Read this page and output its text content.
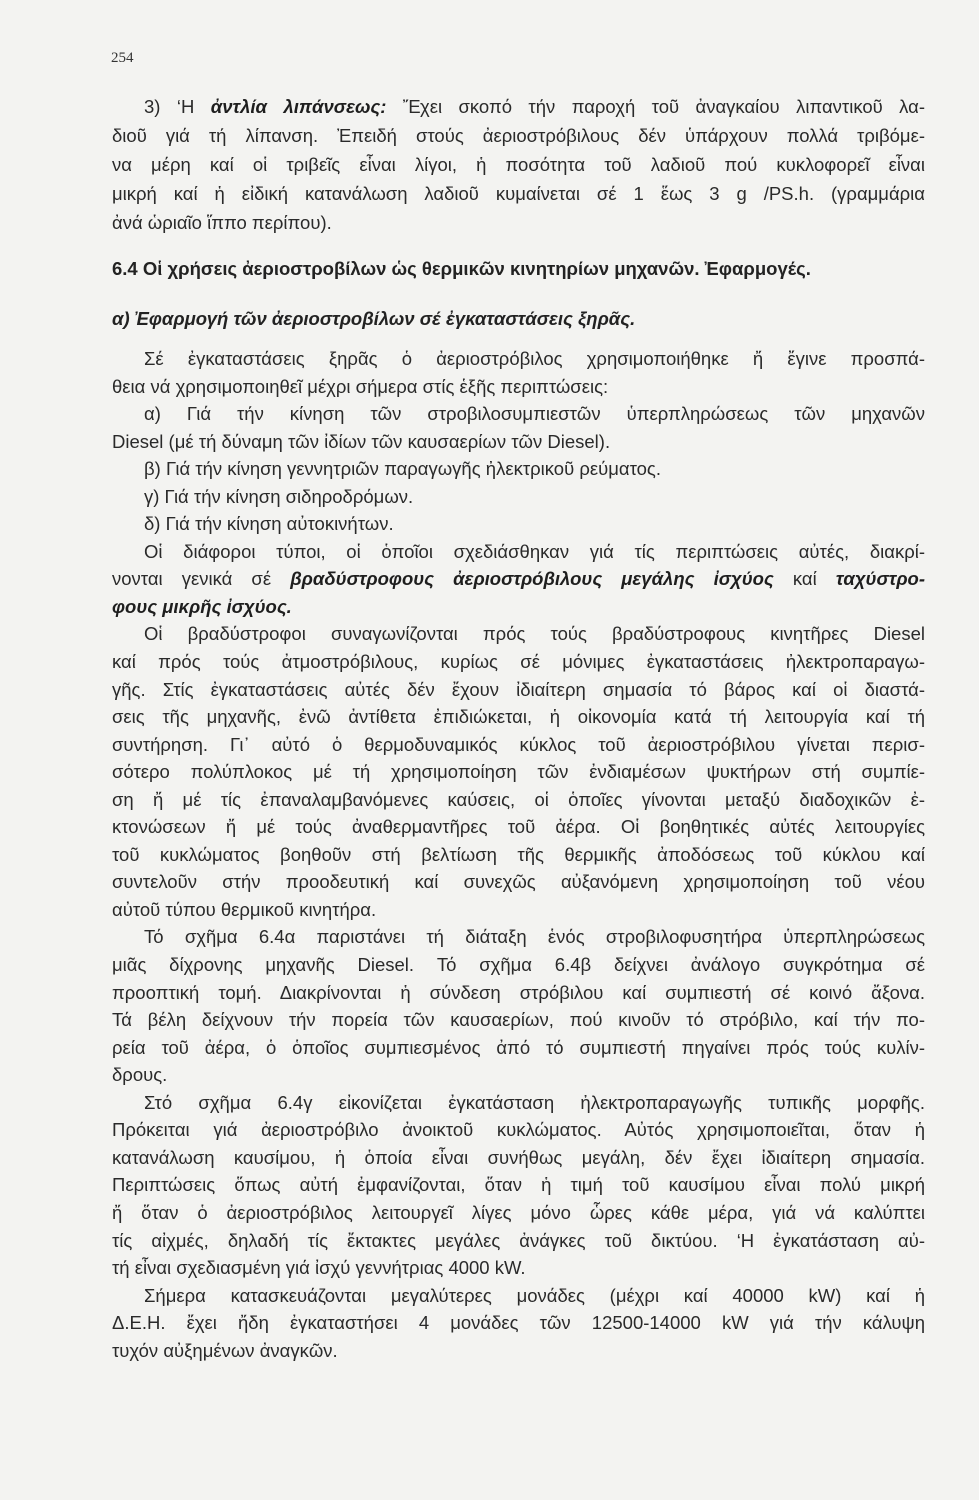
254
3) ‘Η ἀντλία λιπάνσεως: Ἔχει σκοπό τήν παροχή τοῦ ἀναγκαίου λιπαντικοῦ λα-
διοῦ γιά τή λίπανση. Ἐπειδή στούς ἀεριοστρόβιλους δέν ὑπάρχουν πολλά τριβόμε-
να μέρη καί οἱ τριβεῖς εἶναι λίγοι, ἡ ποσότητα τοῦ λαδιοῦ πού κυκλοφορεῖ εἶναι
μικρή καί ἡ εἰδική κατανάλωση λαδιοῦ κυμαίνεται σέ 1 ἕως 3 g /PS.h. (γραμμάρια
ἀνά ὡριαῖο ἵππο περίπου).
6.4 Οἱ χρήσεις ἀεριοστροβίλων ὡς θερμικῶν κινητηρίων μηχανῶν. Ἐφαρμογές.
α) Ἐφαρμογή τῶν ἀεριοστροβίλων σέ ἐγκαταστάσεις ξηρᾶς.
Σέ ἐγκαταστάσεις ξηρᾶς ὁ ἀεριοστρόβιλος χρησιμοποιήθηκε ἤ ἔγινε προσπά-
θεια νά χρησιμοποιηθεῖ μέχρι σήμερα στίς ἑξῆς περιπτώσεις:
α) Γιά τήν κίνηση τῶν στροβιλοσυμπιεστῶν ὑπερπληρώσεως τῶν μηχανῶν
Diesel (μέ τή δύναμη τῶν ἰδίων τῶν καυσαερίων τῶν Diesel).
β) Γιά τήν κίνηση γεννητριῶν παραγωγῆς ἠλεκτρικοῦ ρεύματος.
γ) Γιά τήν κίνηση σιδηροδρόμων.
δ) Γιά τήν κίνηση αὐτοκινήτων.
Οἱ διάφοροι τύποι, οἱ ὁποῖοι σχεδιάσθηκαν γιά τίς περιπτώσεις αὐτές, διακρί-
νονται γενικά σέ βραδύστροφους ἀεριοστρόβιλους μεγάλης ἰσχύος καί ταχύστρο-
φους μικρῆς ἰσχύος.
Οἱ βραδύστροφοι συναγωνίζονται πρός τούς βραδύστροφους κινητῆρες Diesel
καί πρός τούς ἀτμοστρόβιλους, κυρίως σέ μόνιμες ἐγκαταστάσεις ἠλεκτροπαραγω-
γῆς. Στίς ἐγκαταστάσεις αὐτές δέν ἔχουν ἰδιαίτερη σημασία τό βάρος καί οἱ διαστά-
σεις τῆς μηχανῆς, ἐνῶ ἀντίθετα ἐπιδιώκεται, ἡ οἰκονομία κατά τή λειτουργία καί τή
συντήρηση. Γι᾽ αὐτό ὁ θερμοδυναμικός κύκλος τοῦ ἀεριοστρόβιλου γίνεται περισ-
σότερο πολύπλοκος μέ τή χρησιμοποίηση τῶν ἐνδιαμέσων ψυκτήρων στή συμπίε-
ση ἤ μέ τίς ἐπαναλαμβανόμενες καύσεις, οἱ ὁποῖες γίνονται μεταξύ διαδοχικῶν ἐ-
κτονώσεων ἤ μέ τούς ἀναθερμαντῆρες τοῦ ἀέρα. Οἱ βοηθητικές αὐτές λειτουργίες
τοῦ κυκλώματος βοηθοῦν στή βελτίωση τῆς θερμικῆς ἀποδόσεως τοῦ κύκλου καί
συντελοῦν στήν προοδευτική καί συνεχῶς αὐξανόμενη χρησιμοποίηση τοῦ νέου
αὐτοῦ τύπου θερμικοῦ κινητήρα.
Τό σχῆμα 6.4α παριστάνει τή διάταξη ἑνός στροβιλοφυσητήρα ὑπερπληρώσεως
μιᾶς δίχρονης μηχανῆς Diesel. Τό σχῆμα 6.4β δείχνει ἀνάλογο συγκρότημα σέ
προοπτική τομή. Διακρίνονται ἡ σύνδεση στρόβιλου καί συμπιεστή σέ κοινό ἄξονα.
Τά βέλη δείχνουν τήν πορεία τῶν καυσαερίων, πού κινοῦν τό στρόβιλο, καί τήν πο-
ρεία τοῦ ἀέρα, ὁ ὁποῖος συμπιεσμένος ἀπό τό συμπιεστή πηγαίνει πρός τούς κυλίν-
δρους.
Στό σχῆμα 6.4γ εἰκονίζεται ἐγκατάσταση ἠλεκτροπαραγωγῆς τυπικῆς μορφῆς.
Πρόκειται γιά ἀεριοστρόβιλο ἀνοικτοῦ κυκλώματος. Αὐτός χρησιμοποιεῖται, ὅταν ἡ
κατανάλωση καυσίμου, ἡ ὁποία εἶναι συνήθως μεγάλη, δέν ἔχει ἰδιαίτερη σημασία.
Περιπτώσεις ὅπως αὐτή ἐμφανίζονται, ὅταν ἡ τιμή τοῦ καυσίμου εἶναι πολύ μικρή
ἤ ὅταν ὁ ἀεριοστρόβιλος λειτουργεῖ λίγες μόνο ὧρες κάθε μέρα, γιά νά καλύπτει
τίς αἰχμές, δηλαδή τίς ἔκτακτες μεγάλες ἀνάγκες τοῦ δικτύου. ‘Η ἐγκατάσταση αὐ-
τή εἶναι σχεδιασμένη γιά ἰσχύ γεννήτριας 4000 kW.
Σήμερα κατασκευάζονται μεγαλύτερες μονάδες (μέχρι καί 40000 kW) καί ἡ
Δ.Ε.Η. ἔχει ἤδη ἐγκαταστήσει 4 μονάδες τῶν 12500-14000 kW γιά τήν κάλυψη
τυχόν αὐξημένων ἀναγκῶν.
